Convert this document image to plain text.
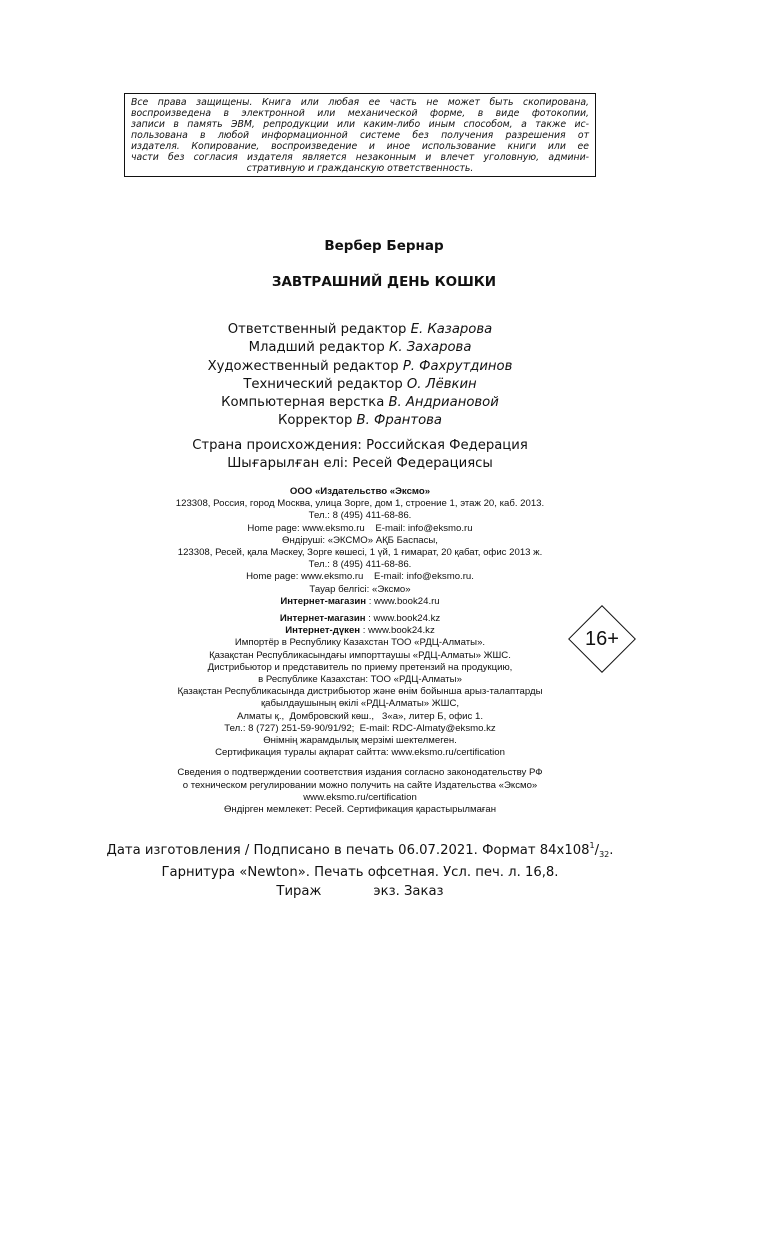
Все права защищены. Книга или любая ее часть не может быть скопирована,
воспроизведена в электронной или механической форме, в виде фотокопии,
записи в память ЭВМ, репродукции или каким-либо иным способом, а также ис-
пользована в любой информационной системе без получения разрешения от
издателя. Копирование, воспроизведение и иное использование книги или ее
части без согласия издателя является незаконным и влечет уголовную, админи-
стративную и гражданскую ответственность.
Вербер Бернар
ЗАВТРАШНИЙ ДЕНЬ КОШКИ
Ответственный редактор Е. Казарова
Младший редактор К. Захарова
Художественный редактор Р. Фахрутдинов
Технический редактор О. Лёвкин
Компьютерная верстка В. Андриановой
Корректор В. Франтова
Страна происхождения: Российская Федерация
Шығарылған елі: Ресей Федерациясы
ООО «Издательство «Эксмо»
123308, Россия, город Москва, улица Зорге, дом 1, строение 1, этаж 20, каб. 2013.
Тел.: 8 (495) 411-68-86.
Home page: www.eksmo.ru    E-mail: info@eksmo.ru
Өндіруші: «ЭКСМО» АҚБ Баспасы,
123308, Ресей, қала Мәскеу, Зорге көшесі, 1 үй, 1 ғимарат, 20 қабат, офис 2013 ж.
Тел.: 8 (495) 411-68-86.
Home page: www.eksmo.ru    E-mail: info@eksmo.ru.
Тауар белгісі: «Эксмо»
Интернет-магазин : www.book24.ru
Интернет-магазин : www.book24.kz
Интернет-дүкен : www.book24.kz
Импортёр в Республику Казахстан ТОО «РДЦ-Алматы».
Қазақстан Республикасындағы импорттаушы «РДЦ-Алматы» ЖШС.
Дистрибьютор и представитель по приему претензий на продукцию,
в Республике Казахстан: ТОО «РДЦ-Алматы»
Қазақстан Республикасында дистрибьютор және өнім бойынша арыз-талаптарды
қабылдаушының өкілі «РДЦ-Алматы» ЖШС,
Алматы қ.,  Домбровский көш.,   3«а», литер Б, офис 1.
Тел.: 8 (727) 251-59-90/91/92;  E-mail: RDC-Almaty@eksmo.kz
Өнімнің жарамдылық мерзімі шектелмеген.
Сертификация туралы ақпарат сайтта: www.eksmo.ru/certification
Сведения о подтверждении соответствия издания согласно законодательству РФ
о техническом регулировании можно получить на сайте Издательства «Эксмо»
www.eksmo.ru/certification
Өндірген мемлекет: Ресей. Сертификация қарастырылмаған
16+
Дата изготовления / Подписано в печать 06.07.2021. Формат $84x108^1/_{32}$.
Гарнитура «Newton». Печать офсетная. Усл. печ. л. 16,8.
Тираж	экз. Заказ
